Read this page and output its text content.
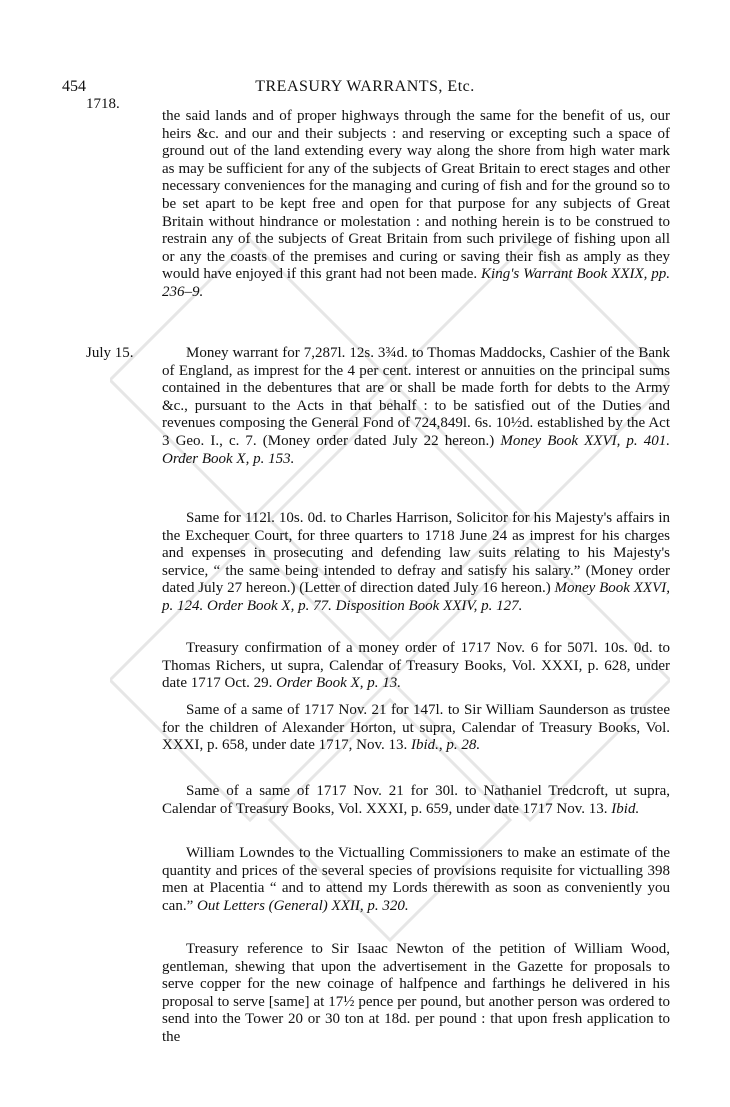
454	TREASURY WARRANTS, Etc.
1718.

the said lands and of proper highways through the same for the benefit of us, our heirs &c. and our and their subjects : and reserving or excepting such a space of ground out of the land extending every way along the shore from high water mark as may be sufficient for any of the subjects of Great Britain to erect stages and other necessary conveniences for the managing and curing of fish and for the ground so to be set apart to be kept free and open for that purpose for any subjects of Great Britain without hindrance or molestation : and nothing herein is to be construed to restrain any of the subjects of Great Britain from such privilege of fishing upon all or any the coasts of the premises and curing or saving their fish as amply as they would have enjoyed if this grant had not been made. King's Warrant Book XXIX, pp. 236–9.

July 15.	Money warrant for 7,287l. 12s. 3¾d. to Thomas Maddocks, Cashier of the Bank of England, as imprest for the 4 per cent. interest or annuities on the principal sums contained in the debentures that are or shall be made forth for debts to the Army &c., pursuant to the Acts in that behalf : to be satisfied out of the Duties and revenues composing the General Fond of 724,849l. 6s. 10½d. established by the Act 3 Geo. I., c. 7. (Money order dated July 22 hereon.) Money Book XXVI, p. 401. Order Book X, p. 153.

Same for 112l. 10s. 0d. to Charles Harrison, Solicitor for his Majesty's affairs in the Exchequer Court, for three quarters to 1718 June 24 as imprest for his charges and expenses in prosecuting and defending law suits relating to his Majesty's service, “ the same being intended to defray and satisfy his salary.” (Money order dated July 27 hereon.) (Letter of direction dated July 16 hereon.) Money Book XXVI, p. 124. Order Book X, p. 77. Disposition Book XXIV, p. 127.

Treasury confirmation of a money order of 1717 Nov. 6 for 507l. 10s. 0d. to Thomas Richers, ut supra, Calendar of Treasury Books, Vol. XXXI, p. 628, under date 1717 Oct. 29. Order Book X, p. 13.

Same of a same of 1717 Nov. 21 for 147l. to Sir William Saunderson as trustee for the children of Alexander Horton, ut supra, Calendar of Treasury Books, Vol. XXXI, p. 658, under date 1717, Nov. 13. Ibid., p. 28.

Same of a same of 1717 Nov. 21 for 30l. to Nathaniel Tredcroft, ut supra, Calendar of Treasury Books, Vol. XXXI, p. 659, under date 1717 Nov. 13. Ibid.

William Lowndes to the Victualling Commissioners to make an estimate of the quantity and prices of the several species of provisions requisite for victualling 398 men at Placentia “ and to attend my Lords therewith as soon as conveniently you can.” Out Letters (General) XXII, p. 320.

Treasury reference to Sir Isaac Newton of the petition of William Wood, gentleman, shewing that upon the advertisement in the Gazette for proposals to serve copper for the new coinage of halfpence and farthings he delivered in his proposal to serve [same] at 17½ pence per pound, but another person was ordered to send into the Tower 20 or 30 ton at 18d. per pound : that upon fresh application to the
